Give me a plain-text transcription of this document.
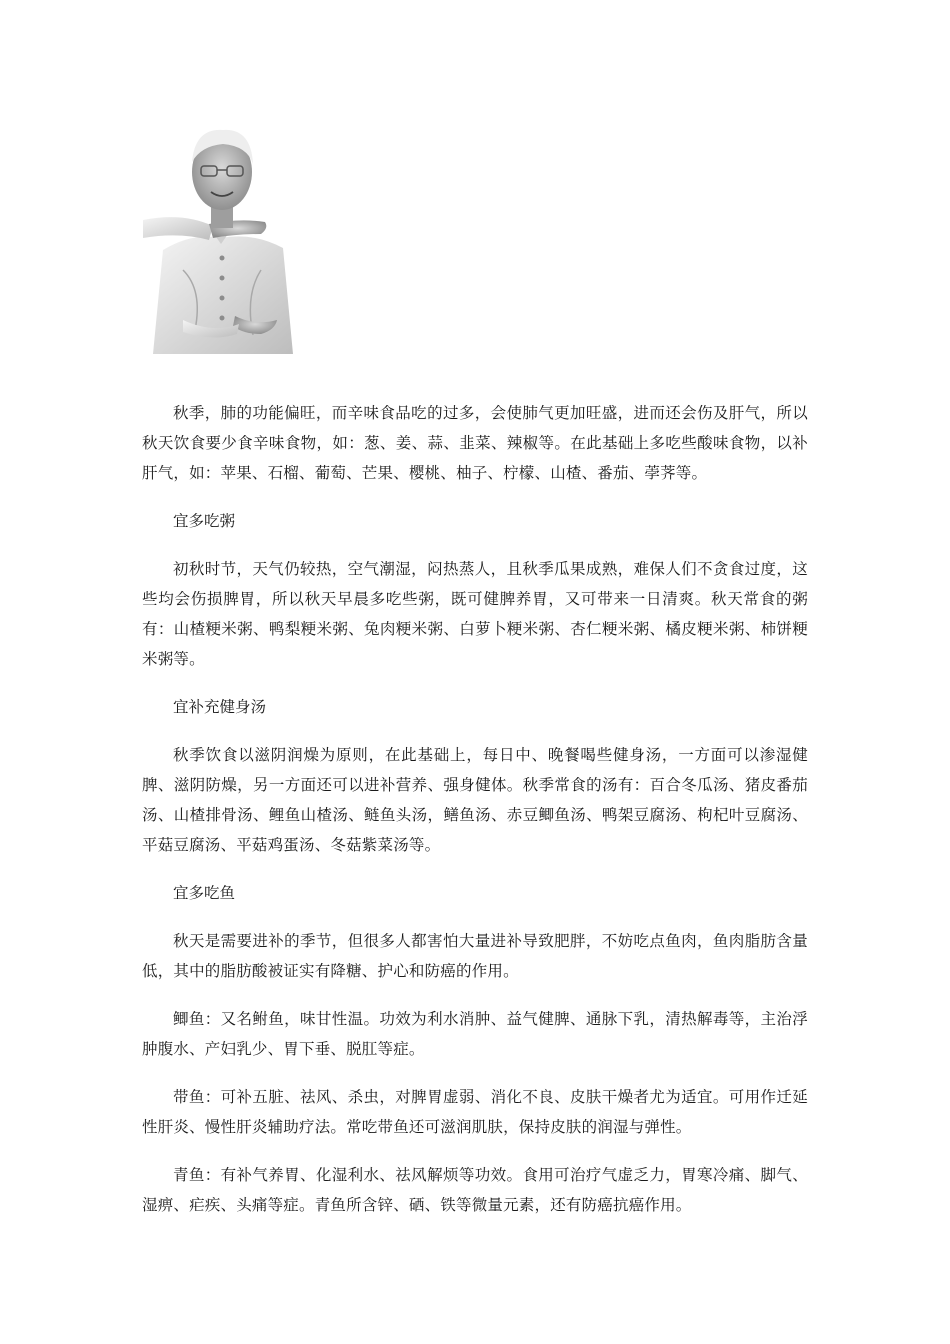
秋季，肺的功能偏旺，而辛味食品吃的过多，会使肺气更加旺盛，进而还会伤及肝气，所以秋天饮食要少食辛味食物，如：葱、姜、蒜、韭菜、辣椒等。在此基础上多吃些酸味食物，以补肝气，如：苹果、石榴、葡萄、芒果、樱桃、柚子、柠檬、山楂、番茄、荸荠等。

宜多吃粥

初秋时节，天气仍较热，空气潮湿，闷热蒸人，且秋季瓜果成熟，难保人们不贪食过度，这些均会伤损脾胃，所以秋天早晨多吃些粥，既可健脾养胃，又可带来一日清爽。秋天常食的粥有：山楂粳米粥、鸭梨粳米粥、兔肉粳米粥、白萝卜粳米粥、杏仁粳米粥、橘皮粳米粥、柿饼粳米粥等。

宜补充健身汤

秋季饮食以滋阴润燥为原则，在此基础上，每日中、晚餐喝些健身汤，一方面可以渗湿健脾、滋阴防燥，另一方面还可以进补营养、强身健体。秋季常食的汤有：百合冬瓜汤、猪皮番茄汤、山楂排骨汤、鲤鱼山楂汤、鲢鱼头汤，鳝鱼汤、赤豆鲫鱼汤、鸭架豆腐汤、枸杞叶豆腐汤、平菇豆腐汤、平菇鸡蛋汤、冬菇紫菜汤等。

宜多吃鱼

秋天是需要进补的季节，但很多人都害怕大量进补导致肥胖，不妨吃点鱼肉，鱼肉脂肪含量低，其中的脂肪酸被证实有降糖、护心和防癌的作用。

鲫鱼：又名鲋鱼，味甘性温。功效为利水消肿、益气健脾、通脉下乳，清热解毒等，主治浮肿腹水、产妇乳少、胃下垂、脱肛等症。

带鱼：可补五脏、祛风、杀虫，对脾胃虚弱、消化不良、皮肤干燥者尤为适宜。可用作迁延性肝炎、慢性肝炎辅助疗法。常吃带鱼还可滋润肌肤，保持皮肤的润湿与弹性。

青鱼：有补气养胃、化湿利水、祛风解烦等功效。食用可治疗气虚乏力，胃寒冷痛、脚气、湿痹、疟疾、头痛等症。青鱼所含锌、硒、铁等微量元素，还有防癌抗癌作用。
